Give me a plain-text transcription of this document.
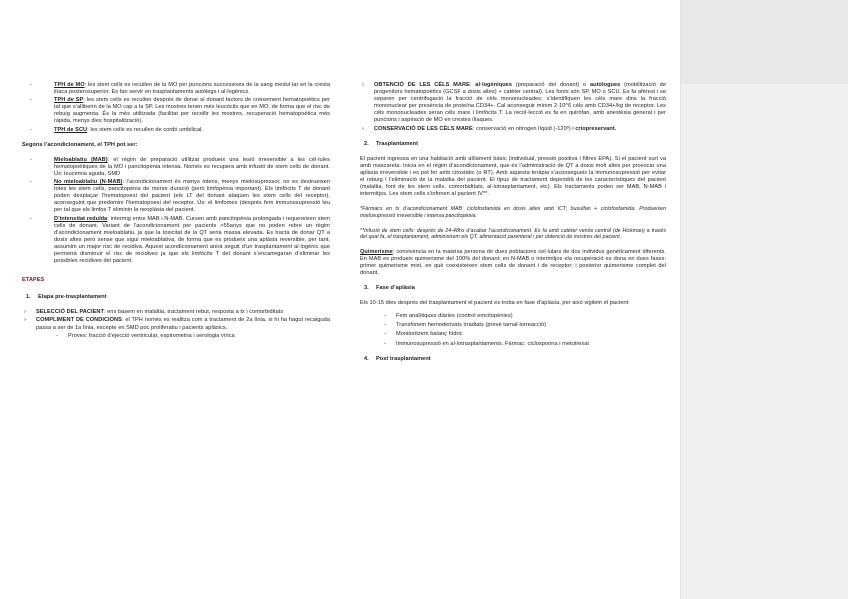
-	TPH de MO: les stem cells es recullen de la MO per puncions successives de la sang medul·lar en la cresta ilíaca posterosuperior. Es fan servir en trasplantaments autòlegs i al·logènics.
-	TPH de SP: les stem cells es recullen després de donar al donant factors de creixement hematopoètics per tal que s’alliberin de la MO cap a la SP. Les mostres tenen més leucòcits que en MO, de forma que el risc de rebuig augmenta. És la més utilitzada (facilitat per recollir les mostres, recuperació hematopoètica més ràpida, menys dies hospitalització).
-	TPH de SCU: les stem cells es recullen de cordó umbilical.

Segons l’acondicionament, el TPH pot ser:

-	Mieloablatiu (MAB): el règim de preparació utilitzat produeix una lesió irreversible a les cèl·lules hematopoètiques de la MO i pancitopènia intensa. Només es recupera amb infusió de stem cells de donant. Ús: leucèmia aguda, SMD
-	No mieloablatiu (N-MAB): l’acondicionament és menys intens, menys mielosupressor, no es destrueixen totes les stem cells, pancitopènia de menor duració (però limfopènia important). Els limfòcits T de donant poden desplaçar l’hematopoesi del pacient (els LT del donant ataquen les stem cells del receptor), aconseguint que predomini l’hematopoesi del receptor. Ús: el limfomes (després fem immunosupressió leu per tal que els limfos T eliminin la neoplàsia del pacient.
-	D’intensitat reduïda: intermig entre MAB i N-MAB. Cursen amb pancitopènia prolongada i requereixen stem cells de donant. Variant de l’acondicionament per pacients >55anys que no poden rebre un règim d’acondicionament mieloablatiu, ja que la toxicitat de la QT seria massa elevada. Es tracta de donar QT a dosis altes però sense que sigui mieloablativa, de forma que es produeix una aplàsia reversible, per tant, assumim un major risc de recidiva. Aquest acondicionament anirà seguit d’un trasplantament al·logènic que permetrà disminuir el risc de recidives ja que els limfòcits T del donant s’encarregaran d’eliminar les possibles recidives del pacient.

ETAPES

1. Etapa pre-trasplantament
› SELECCIÓ DEL PACIENT: ens basem en malaltia, tractament rebut, resposta a tx i comorbiditats
› COMPLIMENT DE CONDICIONS: el TPH només es realitza com a tractament de 2a línia, si hi ha hagut recaiguda passa a ser de 1a línia, excepte en SMD poc proliferatiu i pacients aplàsics.
- Proves: fracció d’ejecció ventricular, espirometria i serologia vírica
› OBTENCIÓ DE LES CÈLS MARE: al·logèniques (preparació del donant) o autòlogues (mobilització de progenitors hematopoètics (GCSF a dosis altes) + catèter central). Les fonts són SP, MO o SCU. Es fa afèresi i se separen per centrifugació la fracció de cèls mononucleades; s’identifiquen les cèls mare dins la fracció mononuclear per presència de proteïna CD34+. Cal aconseguir mínim 2·10^6 cèls amb CD34+/kg de receptor. Les cèls mononucleades seran cèls mare i limfòcits T. La recol·lecció es fa en quiròfan, amb anestèsia general i per puncions i aspiració de MO en crestes ilíaques.
› CONSERVACIÓ DE LES CÈLS MARE: conservació en nitrogen líquid (-120º) i criopreservant.
2. Trasplantament

El pacient ingressa en una habitació amb aïllament bàsic (individual, pressió positiva i filtres EPA). Si el pacient surt va amb mascareta. Inicia en el règim d’acondicionament, que és l’administració de QT a dosis molt altes per provocar una aplàsia irreversible i es pot fer amb citostàtic (o RT). Amb aquesta teràpia s’aconsegueix la immunosupressió per evitar el rebuig i l’eliminació de la malaltia del pacient. El tipus de tractament dependrà de les característiques del pacient (malaltia, font de les stem cells, comorbiditats, al·lotrasplantament, etc). Els tractaments poden ser MAB, N-MAB i intermitjos. Les stem cells s’infonen al pacient IV**.

*Fàrmacs en tx d’acondicionament MAB: ciclofosfamida en dosis altes amb ICT; busulfan + ciclofosfamida. Produeixen mielosupressió irreversible i intensa pancitopènia.

**Infusió de stem cells: després de 24-48hs d’acabar l’acondicionament. Es fa amb catèter venós central (de Hickman) a través del qual fa, el trasplantament, administrem els QT, alimentació parenteral i per obtenció de mostres del pacient.

Quimerisme: convivència en la mateixa persona de dues poblacions cel·lulars de dos individus genèticament diferents. En MAB es produeix quimerisme del 100% del donant; en N-MAB o intermitjos ela recuperació es dona en dues fases: primer quimerisme mixt, en què coexisteixen stem cells de donant i de receptor; i posterior quimerisme complet del donant.

3. Fase d’aplàsia

Els 10-15 dies després del trasplantament el pacient es troba en fase d’aplàsia, per això vigilem el pacient:

- Fem analítiques diàries (control emcitopènies)
- Transfonem hemoderivats irradiats (prevé tarnal-lorreacció)
- Monitoritzem balanç hídric
- Immunosupressió en al·lotrasplantaments. Fàrmac: ciclosporina i metotrexat
4. Post trasplantament
